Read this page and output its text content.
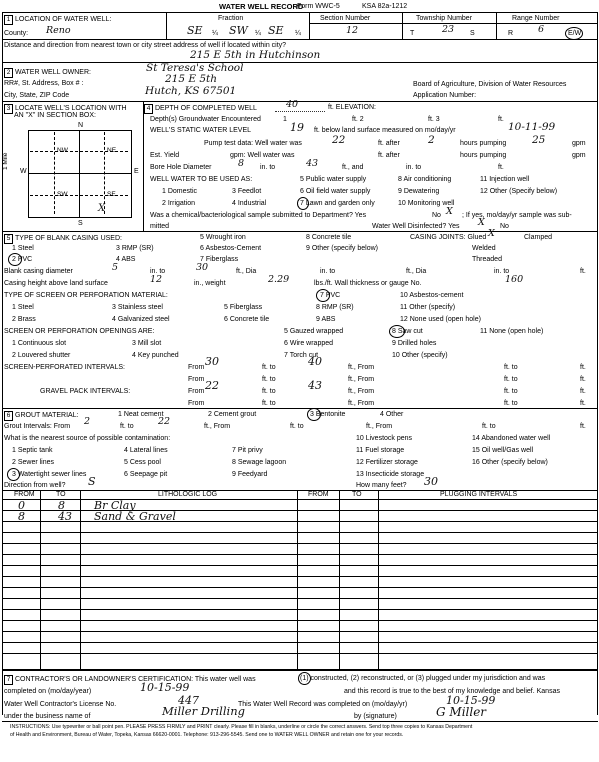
WATER WELL RECORD
Form WWC-5	KSA 82a-1212
1 LOCATION OF WATER WELL:	Fraction	Section Number	Township Number	Range Number
County: Reno	SE ¼ SW ¼ SE ¼	12	T	23 S	R	6	E/W
Distance and direction from nearest town or city street address of well if located within city?
215 E 5th in Hutchinson
2 WATER WELL OWNER:	St Teresa's School
RR#, St. Address, Box # :	215 E 5th	Board of Agriculture, Division of Water Resources
City, State, ZIP Code	Hutch, KS 67501	Application Number:
3 LOCATE WELL'S LOCATION WITH
AN "X" IN SECTION BOX:
N
S
W	E
NW	NE
SW	SE
X
1 Mile
4 DEPTH OF COMPLETED WELL	40	ft. ELEVATION:
Depth(s) Groundwater Encountered	1	ft. 2	ft. 3	ft.
WELL'S STATIC WATER LEVEL	19 ft. below land surface measured on mo/day/yr	10-11-99
Pump test data: Well water was	22	ft. after	2	hours pumping 25	gpm
Est. Yield	gpm: Well water was	ft. after	hours pumping	gpm
Bore Hole Diameter	8 in. to	43	ft., and	in. to	ft.
WELL WATER TO BE USED AS:	5 Public water supply	8 Air conditioning	11 Injection well
1 Domestic	3 Feedlot	6 Oil field water supply	9 Dewatering	12 Other (Specify below)
2 Irrigation	4 Industrial	7 Lawn and garden only	10 Monitoring well
Was a chemical/bacteriological sample submitted to Department? Yes	No X ; If yes, mo/day/yr sample was sub-
mitted	Water Well Disinfected? Yes X No
5 TYPE OF BLANK CASING USED:	5 Wrought iron	8 Concrete tile	CASING JOINTS: Glued X	Clamped
1 Steel	3 RMP (SR)	6 Asbestos-Cement	9 Other (specify below)	Welded
2 PVC	4 ABS	7 Fiberglass	Threaded
Blank casing diameter	5	in. to	30	ft., Dia	in. to	ft., Dia	in. to	ft.
Casing height above land surface	12	in., weight	2.29	lbs./ft. Wall thickness or gauge No.	160
TYPE OF SCREEN OR PERFORATION MATERIAL:	7 PVC	10 Asbestos-cement
1 Steel	3 Stainless steel	5 Fiberglass	8 RMP (SR)	11 Other (specify)
2 Brass	4 Galvanized steel	6 Concrete tile	9 ABS	12 None used (open hole)
SCREEN OR PERFORATION OPENINGS ARE:	5 Gauzed wrapped	8 Saw cut	11 None (open hole)
1 Continuous slot	3 Mill slot	6 Wire wrapped	9 Drilled holes
2 Louvered shutter	4 Key punched	7 Torch cut	10 Other (specify)
SCREEN-PERFORATED INTERVALS:	From 30	ft. to	40	ft., From	ft. to	ft.
From	ft. to	ft., From	ft. to	ft.
GRAVEL PACK INTERVALS:	From 22	ft. to	43	ft., From	ft. to	ft.
From	ft. to	ft., From	ft. to	ft.
6 GROUT MATERIAL:	1 Neat cement	2 Cement grout	3 Bentonite	4 Other
Grout Intervals: From 2	ft. to	22	ft., From	ft. to	ft., From	ft. to	ft.
What is the nearest source of possible contamination:
1 Septic tank	4 Lateral lines	7 Pit privy
10 Livestock pens	14 Abandoned water well
2 Sewer lines	5 Cess pool	8 Sewage lagoon
11 Fuel storage	15 Oil well/Gas well
3 Watertight sewer lines	6 Seepage pit	9 Feedyard
12 Fertilizer storage	16 Other (specify below)
13 Insecticide storage
Direction from well? S	How many feet? 30
FROM	TO	LITHOLOGIC LOG	FROM	TO	PLUGGING INTERVALS
0	8	Br Clay
8	43 Sand & Gravel
7 CONTRACTOR'S OR LANDOWNER'S CERTIFICATION: This water well was	(1) constructed, (2) reconstructed, or (3) plugged under my jurisdiction and was
completed on (mo/day/year)	10-15-99	and this record is true to the best of my knowledge and belief. Kansas
Water Well Contractor's License No.	447	This Water Well Record was completed on (mo/day/yr)	10-15-99
under the business name of	Miller Drilling	by (signature)	G Miller
INSTRUCTIONS: Use typewriter or ball point pen. PLEASE PRESS FIRMLY and PRINT clearly. Please fill in blanks, underline or circle the correct answers. Send top three copies to Kansas Department
of Health and Environment, Bureau of Water, Topeka, Kansas 66620-0001. Telephone: 913-296-5545. Send one to WATER WELL OWNER and retain one for your records.
